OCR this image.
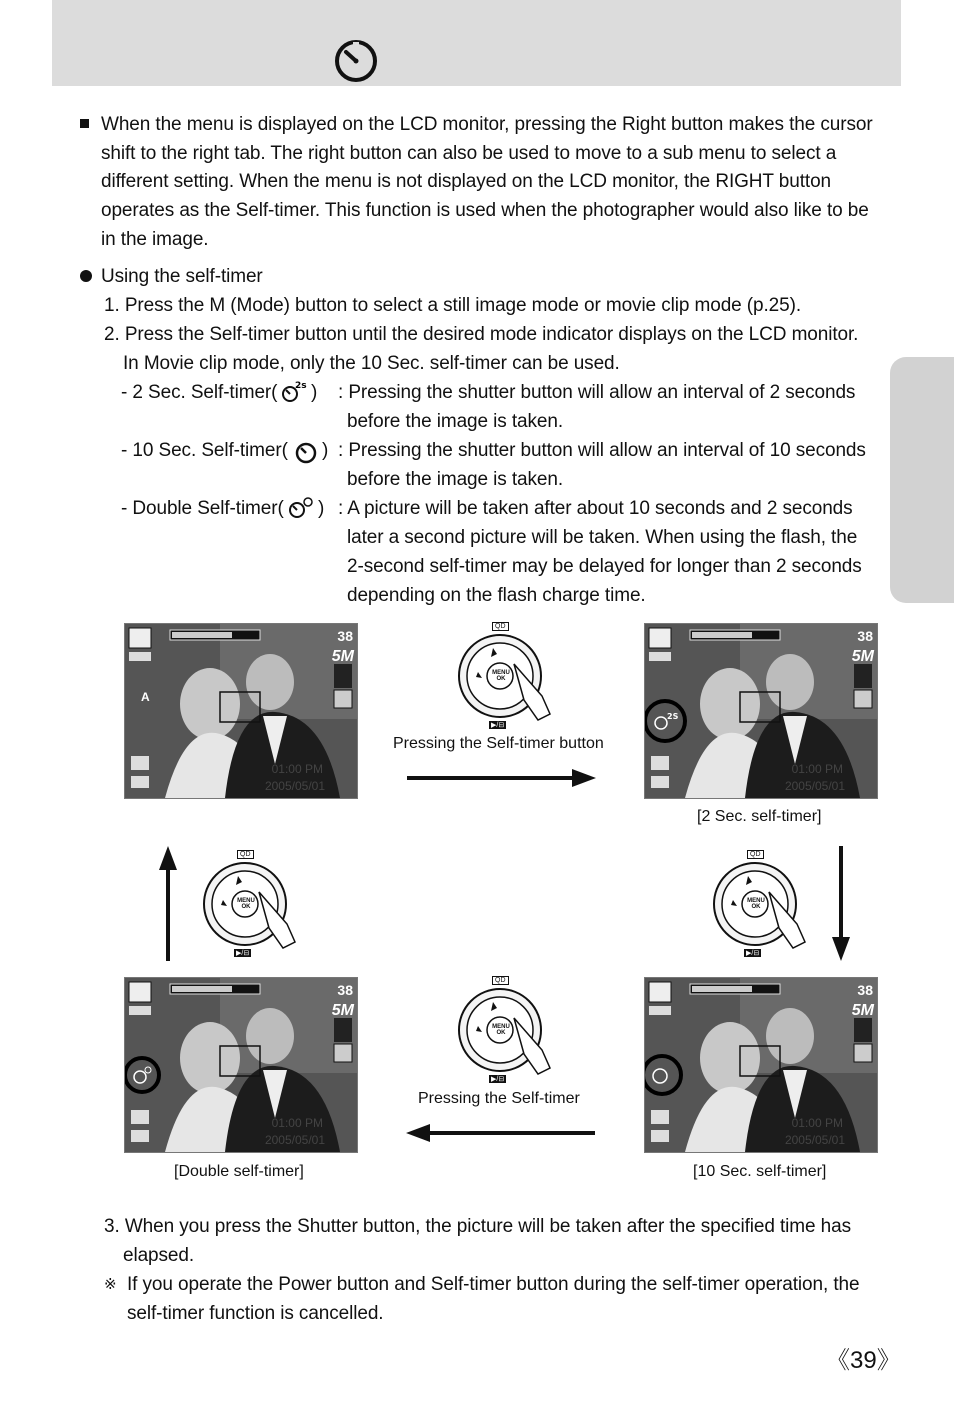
When the menu is displayed on the LCD monitor, pressing the Right button makes the cursor
shift to the right tab. The right button can also be used to move to a sub menu to select a
different setting. When the menu is not displayed on the LCD monitor, the RIGHT button
operates as the Self-timer. This function is used when the photographer would also like to be
in the image.
Using the self-timer
1. Press the M (Mode) button to select a still image mode or movie clip mode (p.25).
2. Press the Self-timer button until the desired mode indicator displays on the LCD monitor.
In Movie clip mode, only the 10 Sec. self-timer can be used.
- 2 Sec. Self-timer( 2s ) : Pressing the shutter button will allow an interval of 2 seconds
before the image is taken.
- 10 Sec. Self-timer( ) : Pressing the shutter button will allow an interval of 10 seconds
before the image is taken.
- Double Self-timer( ) : A picture will be taken after about 10 seconds and 2 seconds
later a second picture will be taken. When using the flash, the
2-second self-timer may be delayed for longer than 2 seconds
depending on the flash charge time.
38
5M
A
01:00 PM
2005/05/01
2S
38
5M
01:00 PM
2005/05/01
38
5M
01:00 PM
2005/05/01
38
5M
01:00 PM
2005/05/01
QD
MENU OK
▶/⊟
QD
MENU OK
▶/⊟
QD
MENU OK
▶/⊟
QD
MENU OK
▶/⊟
Pressing the Self-timer button
[2 Sec. self-timer]
Pressing the Self-timer
[Double self-timer]	[10 Sec. self-timer]
3. When you press the Shutter button, the picture will be taken after the specified time has
elapsed.
※ If you operate the Power button and Self-timer button during the self-timer operation, the
self-timer function is cancelled.
《39》
